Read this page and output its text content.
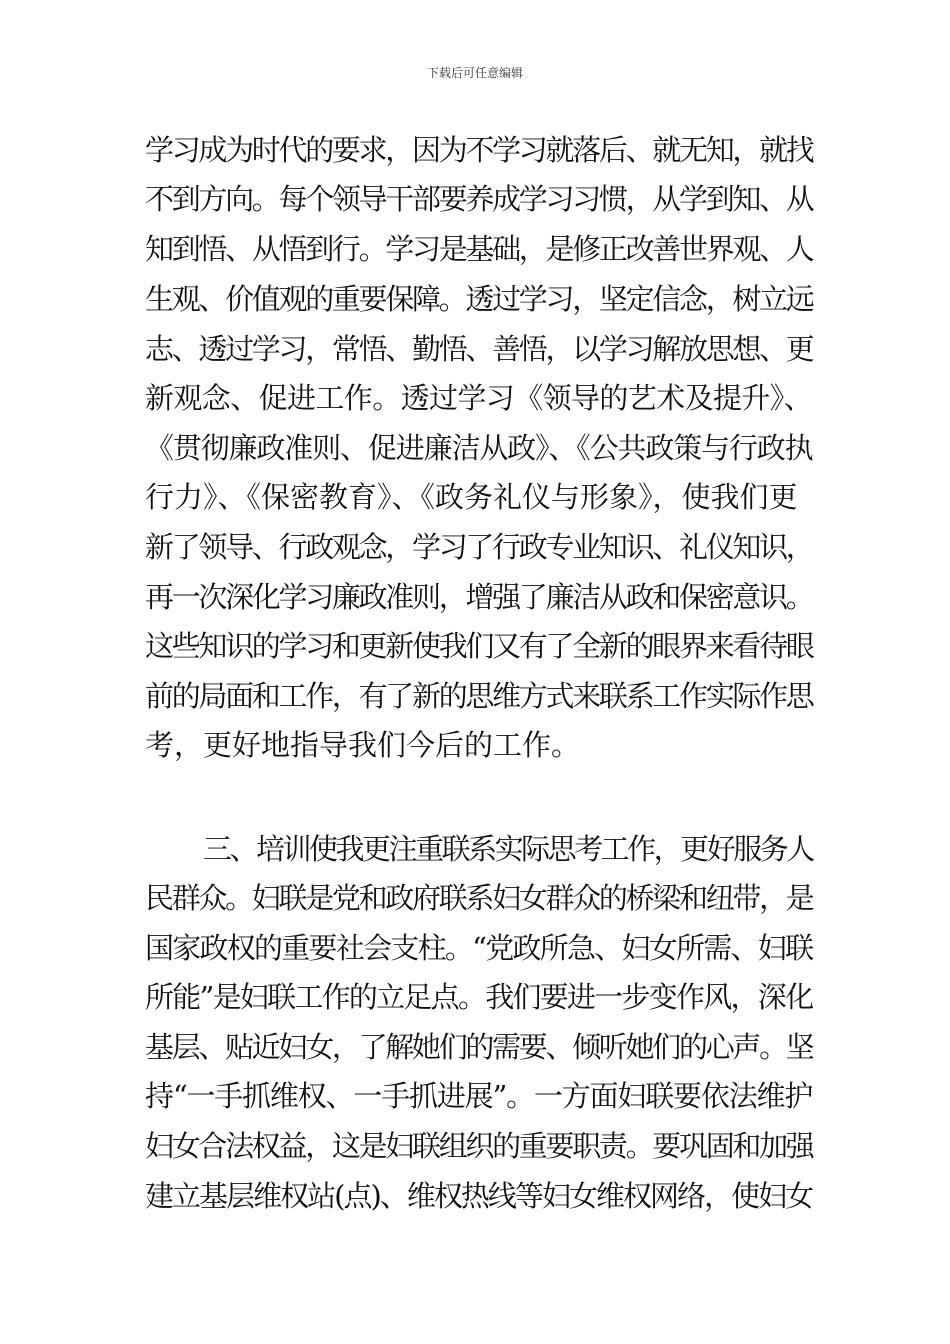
下载后可任意编辑
学习成为时代的要求，因为不学习就落后、就无知，就找
不到方向。每个领导干部要养成学习习惯，从学到知、从
知到悟、从悟到行。学习是基础，是修正改善世界观、人
生观、价值观的重要保障。透过学习，坚定信念，树立远
志、透过学习，常悟、勤悟、善悟，以学习解放思想、更
新观念、促进工作。透过学习《领导的艺术及提升》、
《贯彻廉政准则、促进廉洁从政》、《公共政策与行政执
行力》、《保密教育》、《政务礼仪与形象》，使我们更
新了领导、行政观念，学习了行政专业知识、礼仪知识，
再一次深化学习廉政准则，增强了廉洁从政和保密意识。
这些知识的学习和更新使我们又有了全新的眼界来看待眼
前的局面和工作，有了新的思维方式来联系工作实际作思
考，更好地指导我们今后的工作。
三、培训使我更注重联系实际思考工作，更好服务人
民群众。妇联是党和政府联系妇女群众的桥梁和纽带，是
国家政权的重要社会支柱。“党政所急、妇女所需、妇联
所能”是妇联工作的立足点。我们要进一步变作风，深化
基层、贴近妇女，了解她们的需要、倾听她们的心声。坚
持“一手抓维权、一手抓进展”。一方面妇联要依法维护
妇女合法权益，这是妇联组织的重要职责。要巩固和加强
建立基层维权站(点)、维权热线等妇女维权网络，使妇女
